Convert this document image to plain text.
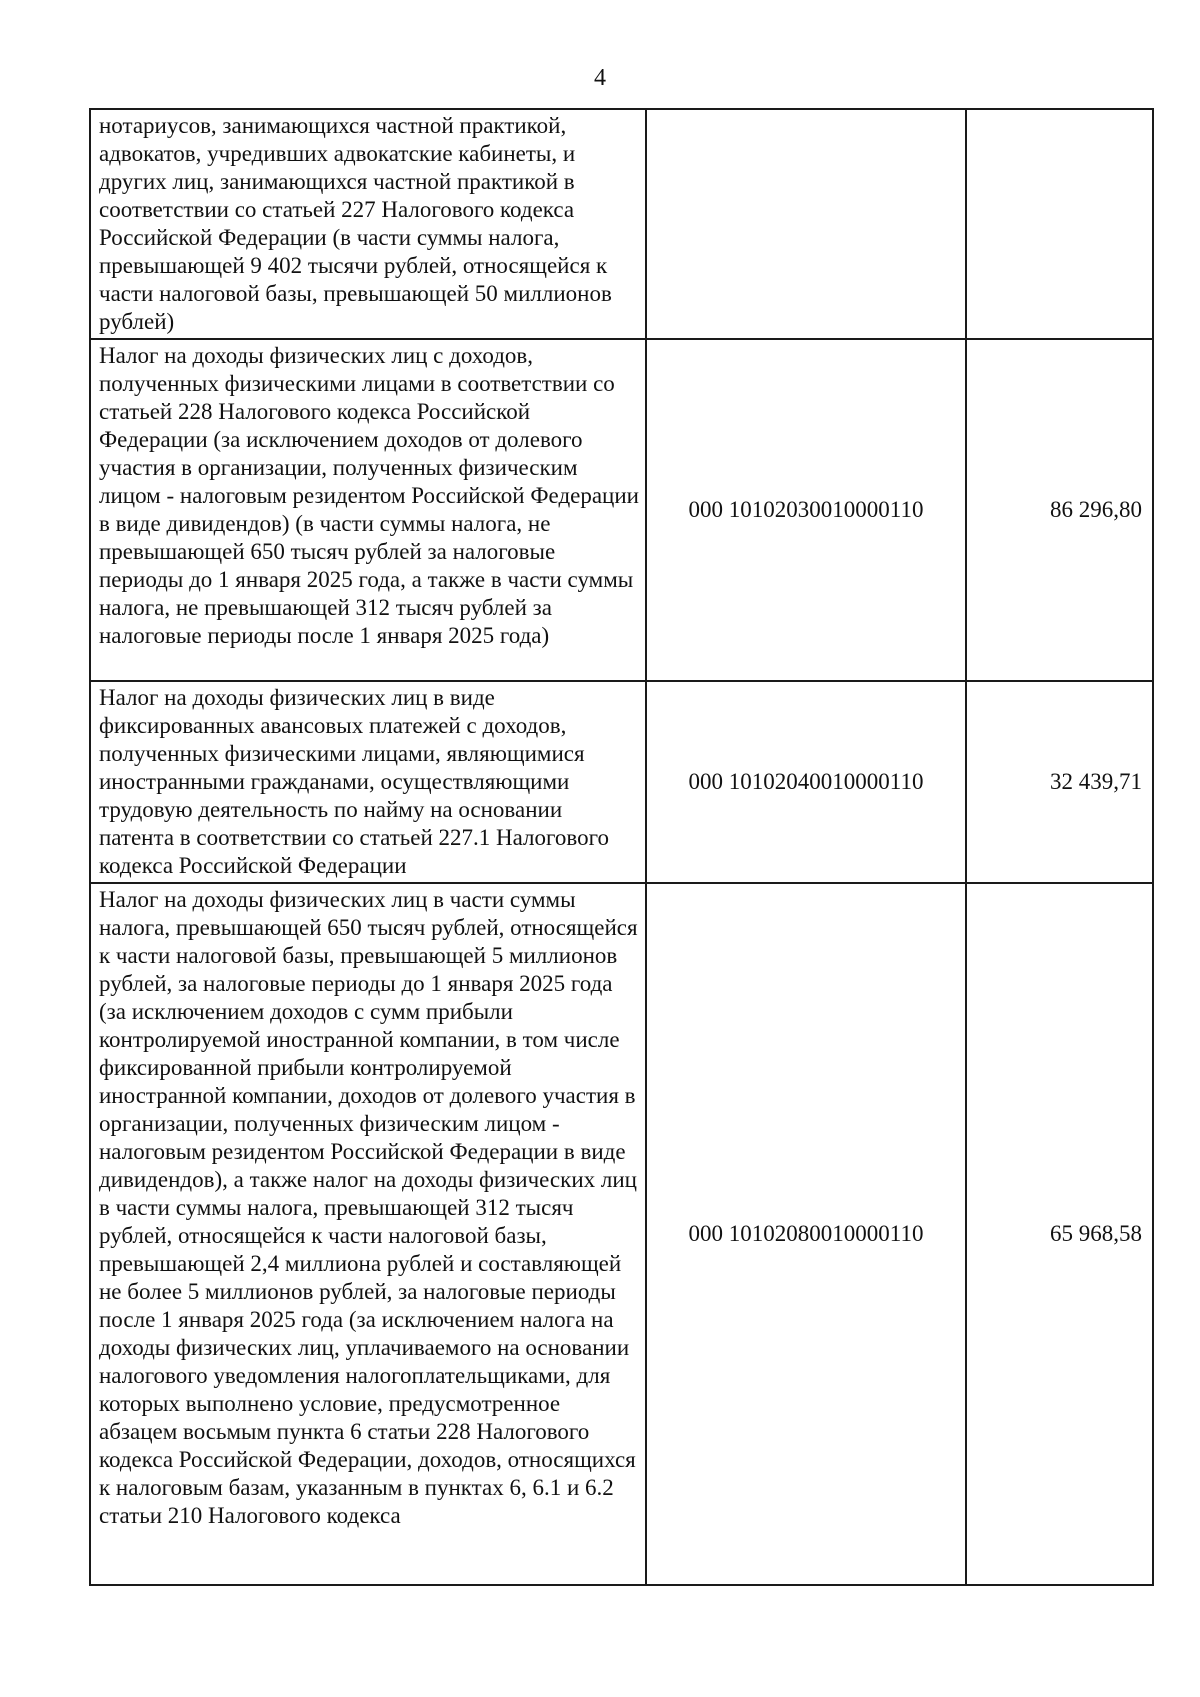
4
нотариусов, занимающихся частной практикой, адвокатов, учредивших адвокатские кабинеты, и других лиц, занимающихся частной практикой в соответствии со статьей 227 Налогового кодекса Российской Федерации (в части суммы налога, превышающей 9 402 тысячи рублей, относящейся к части налоговой базы, превышающей 50 миллионов рублей)		
Налог на доходы физических лиц с доходов, полученных физическими лицами в соответствии со статьей 228 Налогового кодекса Российской Федерации (за исключением доходов от долевого участия в организации, полученных физическим лицом - налоговым резидентом Российской Федерации в виде дивидендов) (в части суммы налога, не превышающей 650 тысяч рублей за налоговые периоды до 1 января 2025 года, а также в части суммы налога, не превышающей 312 тысяч рублей за налоговые периоды после 1 января 2025 года)	000 10102030010000110	86 296,80
Налог на доходы физических лиц в виде фиксированных авансовых платежей с доходов, полученных физическими лицами, являющимися иностранными гражданами, осуществляющими трудовую деятельность по найму на основании патента в соответствии со статьей 227.1 Налогового кодекса Российской Федерации	000 10102040010000110	32 439,71
Налог на доходы физических лиц в части суммы налога, превышающей 650 тысяч рублей, относящейся к части налоговой базы, превышающей 5 миллионов рублей, за налоговые периоды до 1 января 2025 года (за исключением доходов с сумм прибыли контролируемой иностранной компании, в том числе фиксированной прибыли контролируемой иностранной компании, доходов от долевого участия в организации, полученных физическим лицом - налоговым резидентом Российской Федерации в виде дивидендов), а также налог на доходы физических лиц в части суммы налога, превышающей 312 тысяч рублей, относящейся к части налоговой базы, превышающей 2,4 миллиона рублей и составляющей не более 5 миллионов рублей, за налоговые периоды после 1 января 2025 года (за исключением налога на доходы физических лиц, уплачиваемого на основании налогового уведомления налогоплательщиками, для которых выполнено условие, предусмотренное абзацем восьмым пункта 6 статьи 228 Налогового кодекса Российской Федерации, доходов, относящихся к налоговым базам, указанным в пунктах 6, 6.1 и 6.2 статьи 210 Налогового кодекса	000 10102080010000110	65 968,58
